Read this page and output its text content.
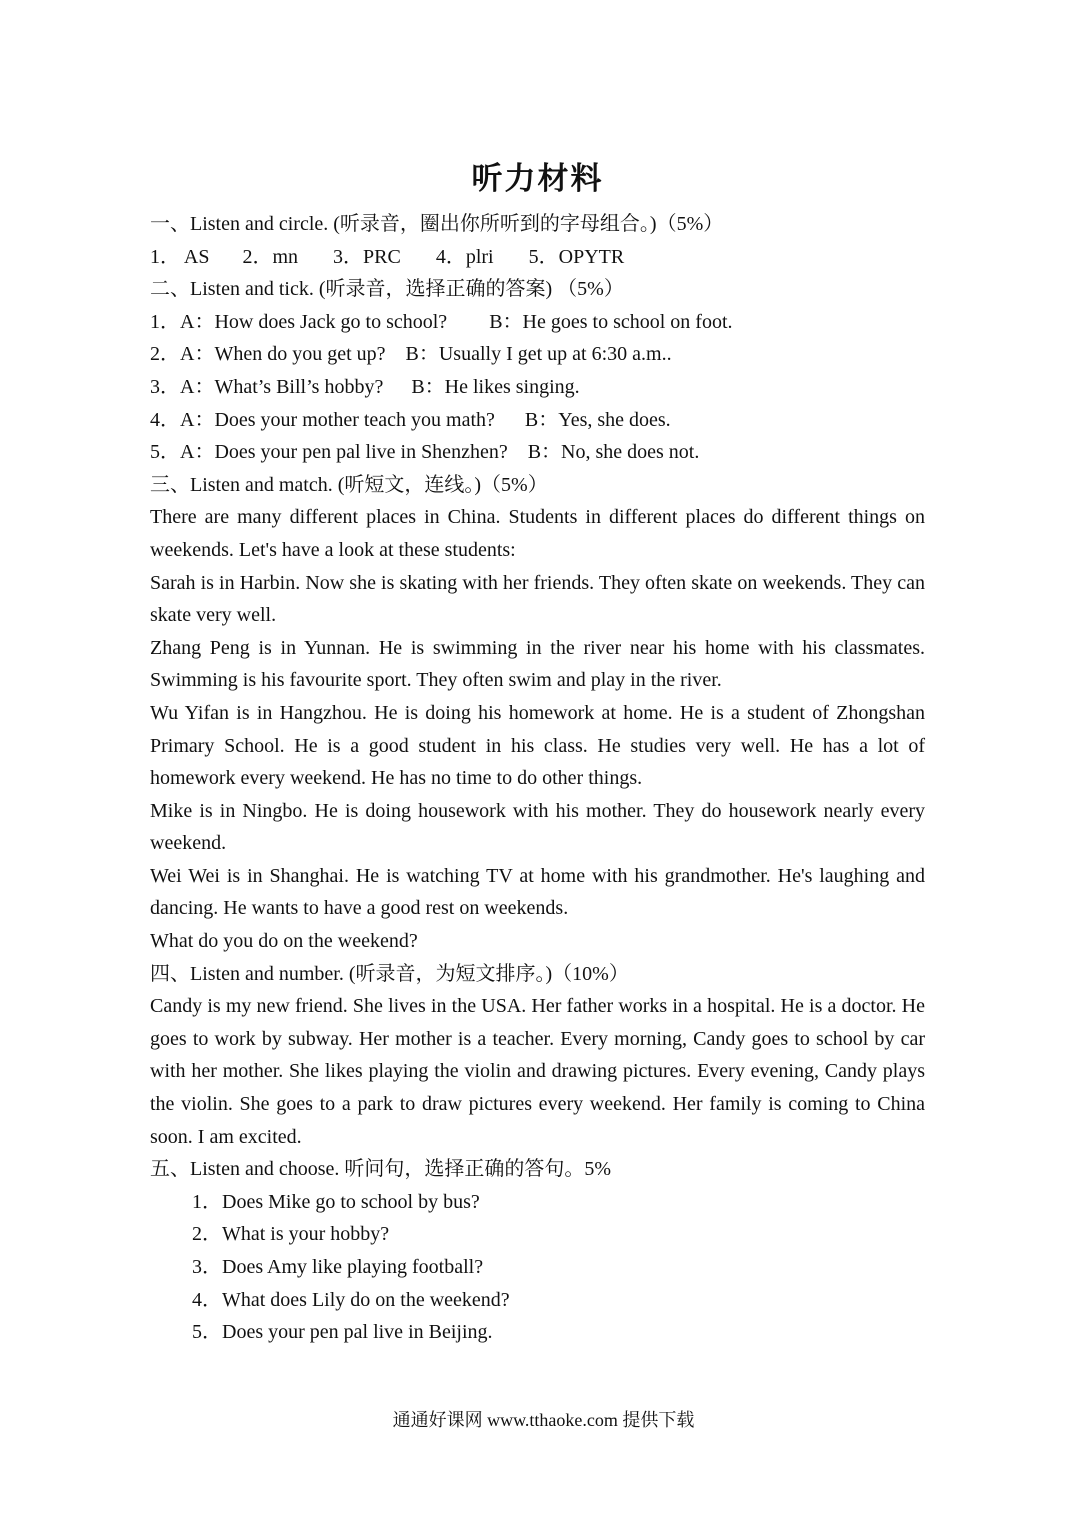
听力材料
一、Listen and circle. (听录音，圈出你所听到的字母组合。)（5%）
1． AS 2．mn 3．PRC 4．plri 5．OPYTR
二、Listen and tick. (听录音，选择正确的答案) （5%）
1．A：How does Jack go to school? B：He goes to school on foot.
2．A：When do you get up? B：Usually I get up at 6:30 a.m..
3．A：What’s Bill’s hobby? B：He likes singing.
4．A：Does your mother teach you math? B：Yes, she does.
5．A：Does your pen pal live in Shenzhen? B：No, she does not.
三、Listen and match. (听短文，连线。)（5%）
There are many different places in China. Students in different places do different things on weekends. Let's have a look at these students:
Sarah is in Harbin. Now she is skating with her friends. They often skate on weekends. They can skate very well.
Zhang Peng is in Yunnan. He is swimming in the river near his home with his classmates. Swimming is his favourite sport. They often swim and play in the river.
Wu Yifan is in Hangzhou. He is doing his homework at home. He is a student of Zhongshan Primary School. He is a good student in his class. He studies very well. He has a lot of homework every weekend. He has no time to do other things.
Mike is in Ningbo. He is doing housework with his mother. They do housework nearly every weekend.
Wei Wei is in Shanghai. He is watching TV at home with his grandmother. He's laughing and dancing. He wants to have a good rest on weekends.
What do you do on the weekend?
四、Listen and number. (听录音，为短文排序。)（10%）
Candy is my new friend. She lives in the USA. Her father works in a hospital. He is a doctor. He goes to work by subway. Her mother is a teacher. Every morning, Candy goes to school by car with her mother. She likes playing the violin and drawing pictures. Every evening, Candy plays the violin. She goes to a park to draw pictures every weekend. Her family is coming to China soon. I am excited.
五、Listen and choose. 听问句，选择正确的答句。5%
1．Does Mike go to school by bus?
2．What is your hobby?
3．Does Amy like playing football?
4．What does Lily do on the weekend?
5．Does your pen pal live in Beijing.
通通好课网 www.tthaoke.com 提供下载
